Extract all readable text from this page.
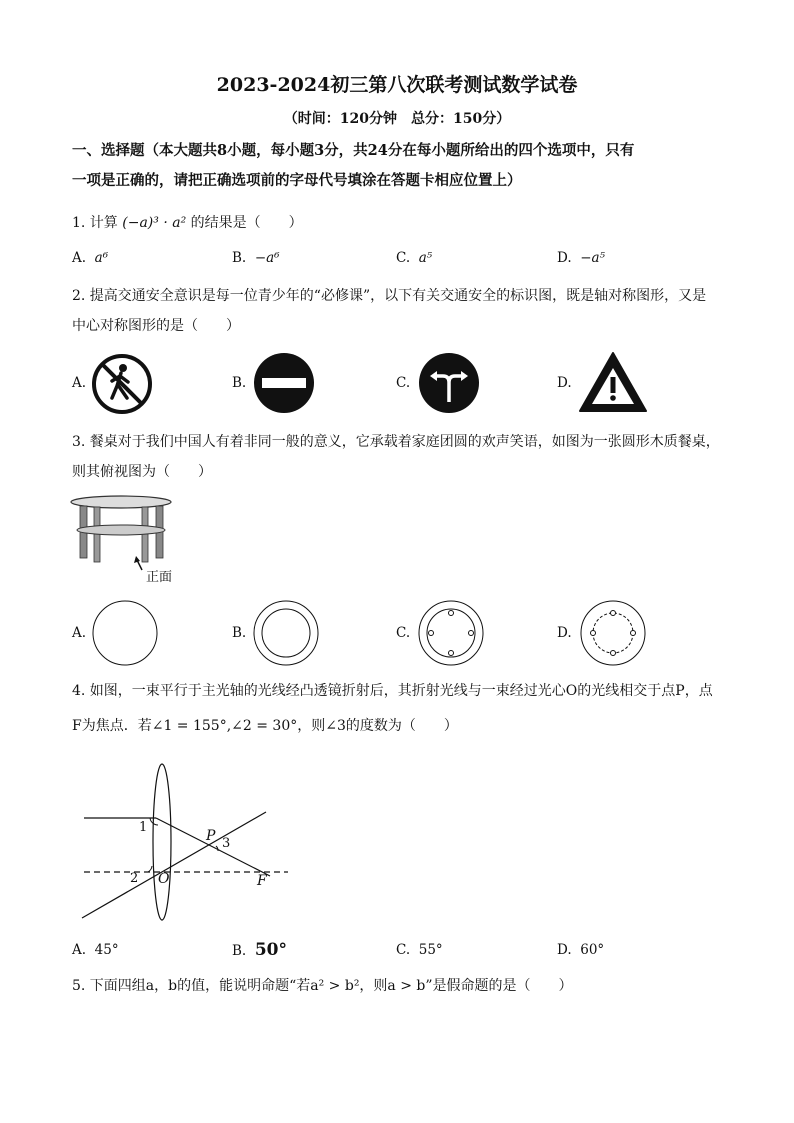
2023-2024初三第八次联考测试数学试卷
（时间：120分钟　总分：150分）
一、选择题（本大题共8小题，每小题3分，共24分在每小题所给出的四个选项中，只有
一项是正确的，请把正确选项前的字母代号填涂在答题卡相应位置上）
1. 计算 (−a)³ · a² 的结果是（　　）
A. a⁶	B. −a⁶	C. a⁵	D. −a⁵
2. 提高交通安全意识是每一位青少年的“必修课”，以下有关交通安全的标识图，既是轴对称图形，又是
中心对称图形的是（　　）
A.	B.	C.	D.
3. 餐桌对于我们中国人有着非同一般的意义，它承载着家庭团圆的欢声笑语，如图为一张圆形木质餐桌，
则其俯视图为（　　）
正面
A.	B.	C.	D.
4. 如图，一束平行于主光轴的光线经凸透镜折射后，其折射光线与一束经过光心O的光线相交于点P，点
F为焦点．若∠1 = 155°,∠2 = 30°，则∠3的度数为（　　）
1
2
3
P
O	F
A. 45°	B. 50°	C. 55°	D. 60°
5. 下面四组a，b的值，能说明命题“若a² > b²，则a > b”是假命题的是（　　）
